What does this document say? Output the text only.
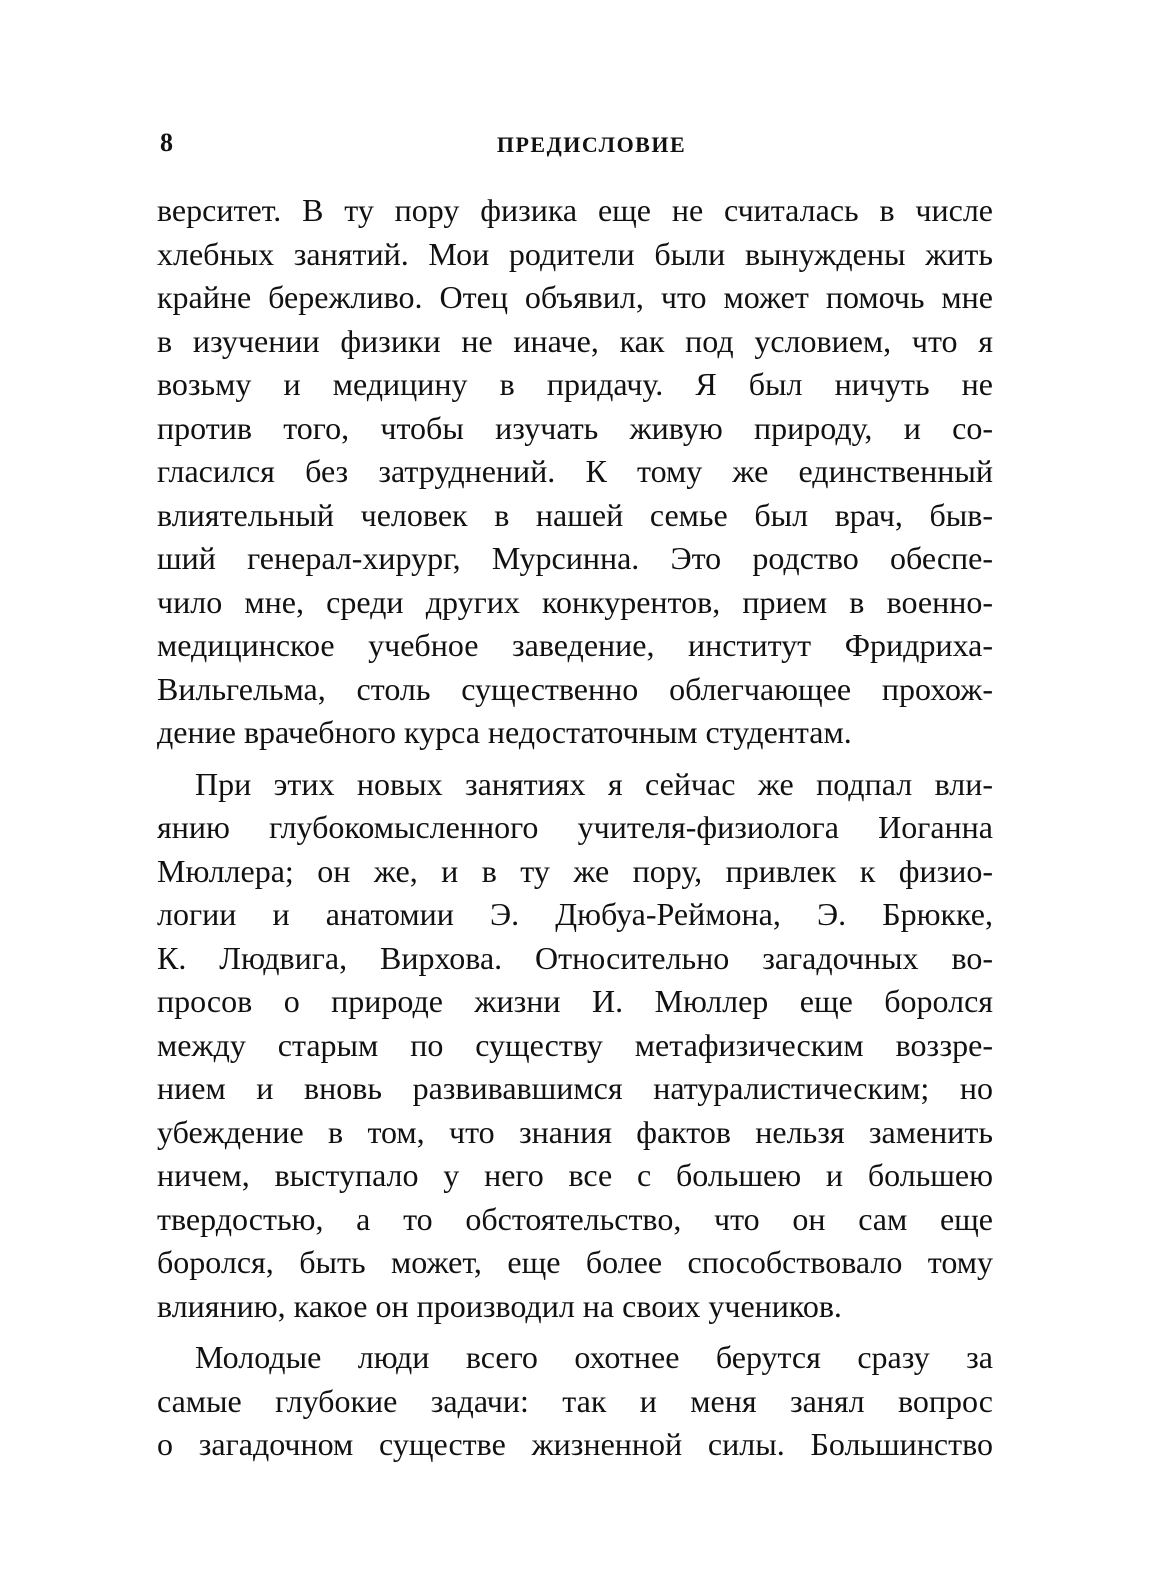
8	ПРЕДИСЛОВИЕ
верситет. В ту пору физика еще не считалась в числе
хлебных занятий. Мои родители были вынуждены жить
крайне бережливо. Отец объявил, что может помочь мне
в изучении физики не иначе, как под условием, что я
возьму и медицину в придачу. Я был ничуть не
против того, чтобы изучать живую природу, и со-
гласился без затруднений. К тому же единственный
влиятельный человек в нашей семье был врач, быв-
ший генерал-хирург, Мурсинна. Это родство обеспе-
чило мне, среди других конкурентов, прием в военно-
медицинское учебное заведение, институт Фридриха-
Вильгельма, столь существенно облегчающее прохож-
дение врачебного курса недостаточным студентам.
При этих новых занятиях я сейчас же подпал вли-
янию глубокомысленного учителя-физиолога Иоганна
Мюллера; он же, и в ту же пору, привлек к физио-
логии и анатомии Э. Дюбуа-Реймона, Э. Брюкке,
К. Людвига, Вирхова. Относительно загадочных во-
просов о природе жизни И. Мюллер еще боролся
между старым по существу метафизическим воззре-
нием и вновь развивавшимся натуралистическим; но
убеждение в том, что знания фактов нельзя заменить
ничем, выступало у него все с большею и большею
твердостью, а то обстоятельство, что он сам еще
боролся, быть может, еще более способствовало тому
влиянию, какое он производил на своих учеников.
Молодые люди всего охотнее берутся сразу за
самые глубокие задачи: так и меня занял вопрос
о загадочном существе жизненной силы. Большинство
